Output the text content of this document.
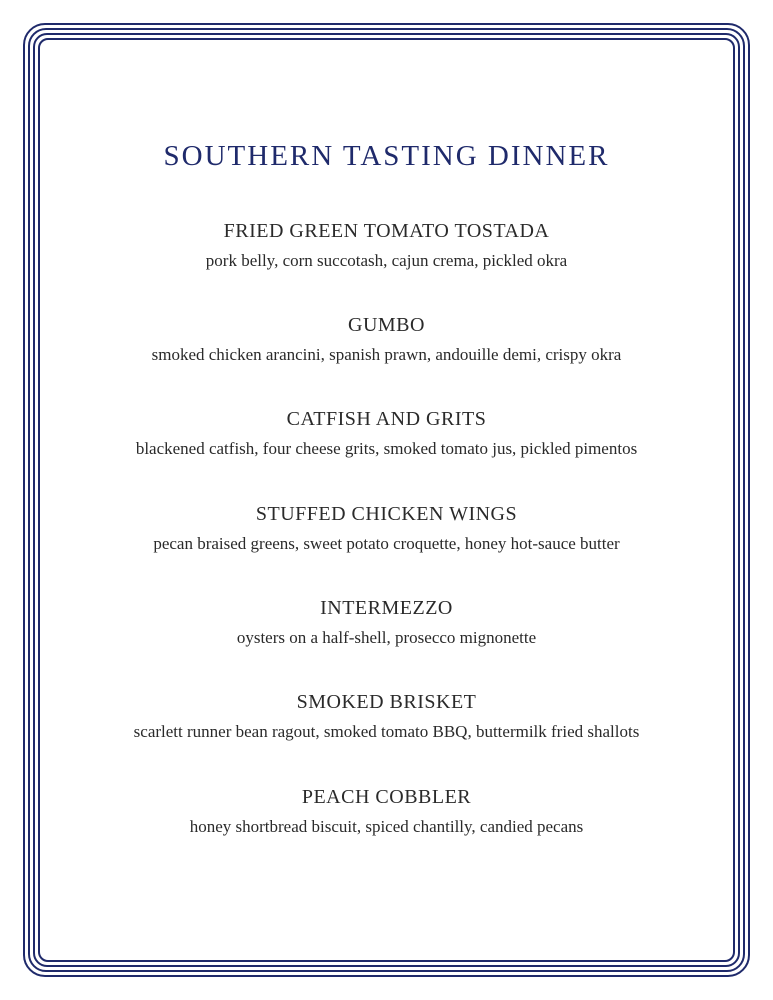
SOUTHERN TASTING DINNER
FRIED GREEN TOMATO TOSTADA
pork belly, corn succotash, cajun crema, pickled okra
GUMBO
smoked chicken arancini, spanish prawn, andouille demi, crispy okra
CATFISH AND GRITS
blackened catfish, four cheese grits, smoked tomato jus, pickled pimentos
STUFFED CHICKEN WINGS
pecan braised greens, sweet potato croquette, honey hot-sauce butter
INTERMEZZO
oysters on a half-shell, prosecco mignonette
SMOKED BRISKET
scarlett runner bean ragout, smoked tomato BBQ, buttermilk fried shallots
PEACH COBBLER
honey shortbread biscuit, spiced chantilly, candied pecans
